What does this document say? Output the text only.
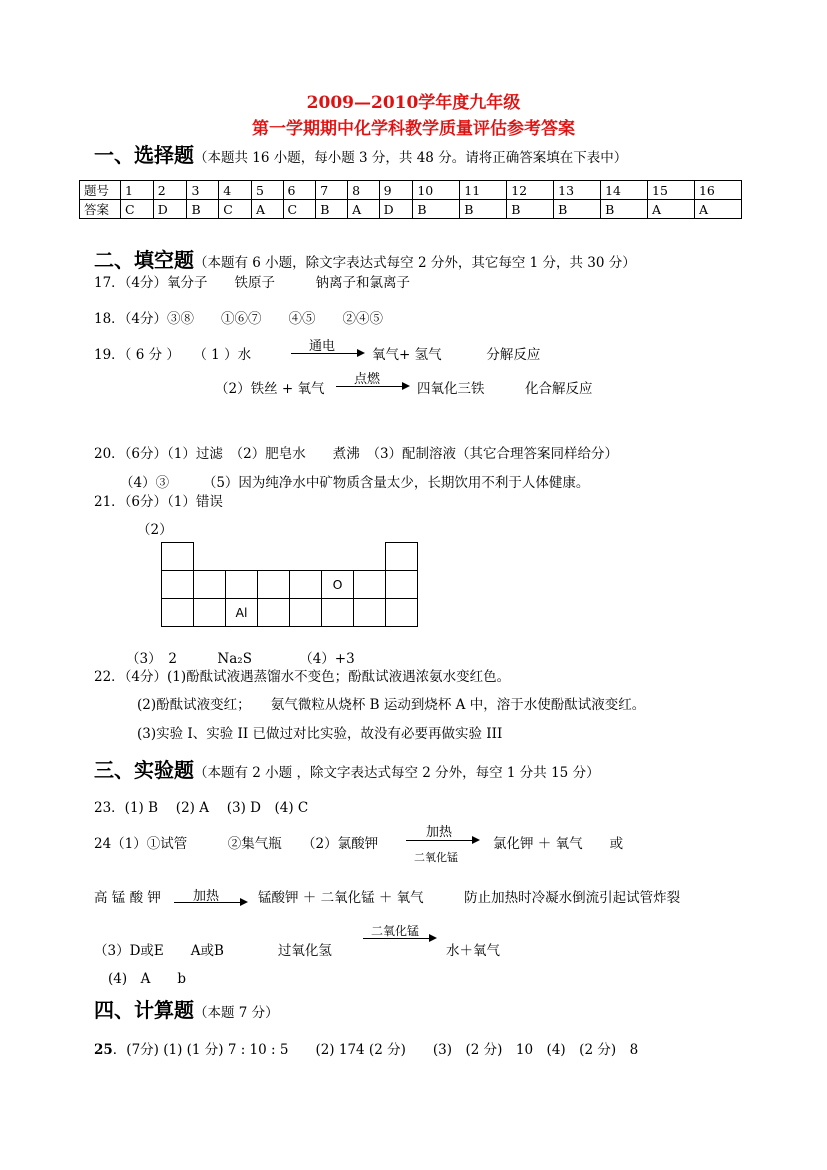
2009—2010学年度九年级
第一学期期中化学科教学质量评估参考答案
一、选择题（本题共 16 小题，每小题 3 分，共 48 分。请将正确答案填在下表中）
题号	1	2	3	4	5	6	7	8	9	10	11	12	13	14	15	16
答案	C	D	B	C	A	C	B	A	D	B	B	B	B	B	A	A
二、填空题（本题有 6 小题，除文字表达式每空 2 分外，其它每空 1 分，共 30 分）
17．（4分）氧分子　　铁原子　　　钠离子和氯离子
18．（4分）③⑧　　①⑥⑦　　④⑤　　②④⑤
19．（ 6 分 ）　　（ 1 ）水
通电
氧气+ 氢气　　　 分解反应
（2）铁丝 + 氧气
点燃
四氧化三铁　　　化合解反应
20．（6分）（1）过滤　（2）肥皂水　　煮沸　（3）配制溶液（其它合理答案同样给分）
（4）③　　　（5）因为纯净水中矿物质含量太少，长期饮用不利于人体健康。
21．（6分）（1）错误
（2）

					O		
		Al					
（3）　2　　　Na₂S　　　　（4）+3
22．（4分）(1)酚酞试液遇蒸馏水不变色；酚酞试液遇浓氨水变红色。
(2)酚酞试液变红；　　氨气微粒从烧杯 B 运动到烧杯 A 中，溶于水使酚酞试液变红。
(3)实验 I、实验 II 已做过对比实验，故没有必要再做实验 III
三、实验题（本题有 2 小题 ，除文字表达式每空 2 分外，每空 1 分共 15 分）
23．(1) B　 (2) A　 (3) D　(4) C
24（1）①试管　　　②集气瓶　　（2）氯酸钾
加热
二氧化锰
氯化钾 ＋ 氧气　　或
高 锰 酸 钾 加热	锰酸钾 ＋ 二氧化锰 ＋ 氧气　　　防止加热时冷凝水倒流引起试管炸裂
（3）D或E　　A或B　　　　过氧化氢
二氧化锰
水＋氧气
(4)　A　　b
四、计算题（本题 7 分）
25．(7分) (1) (1 分) 7 : 10 : 5　　(2) 174 (2 分)　　(3)　(2 分)　10　(4)　(2 分)　8
